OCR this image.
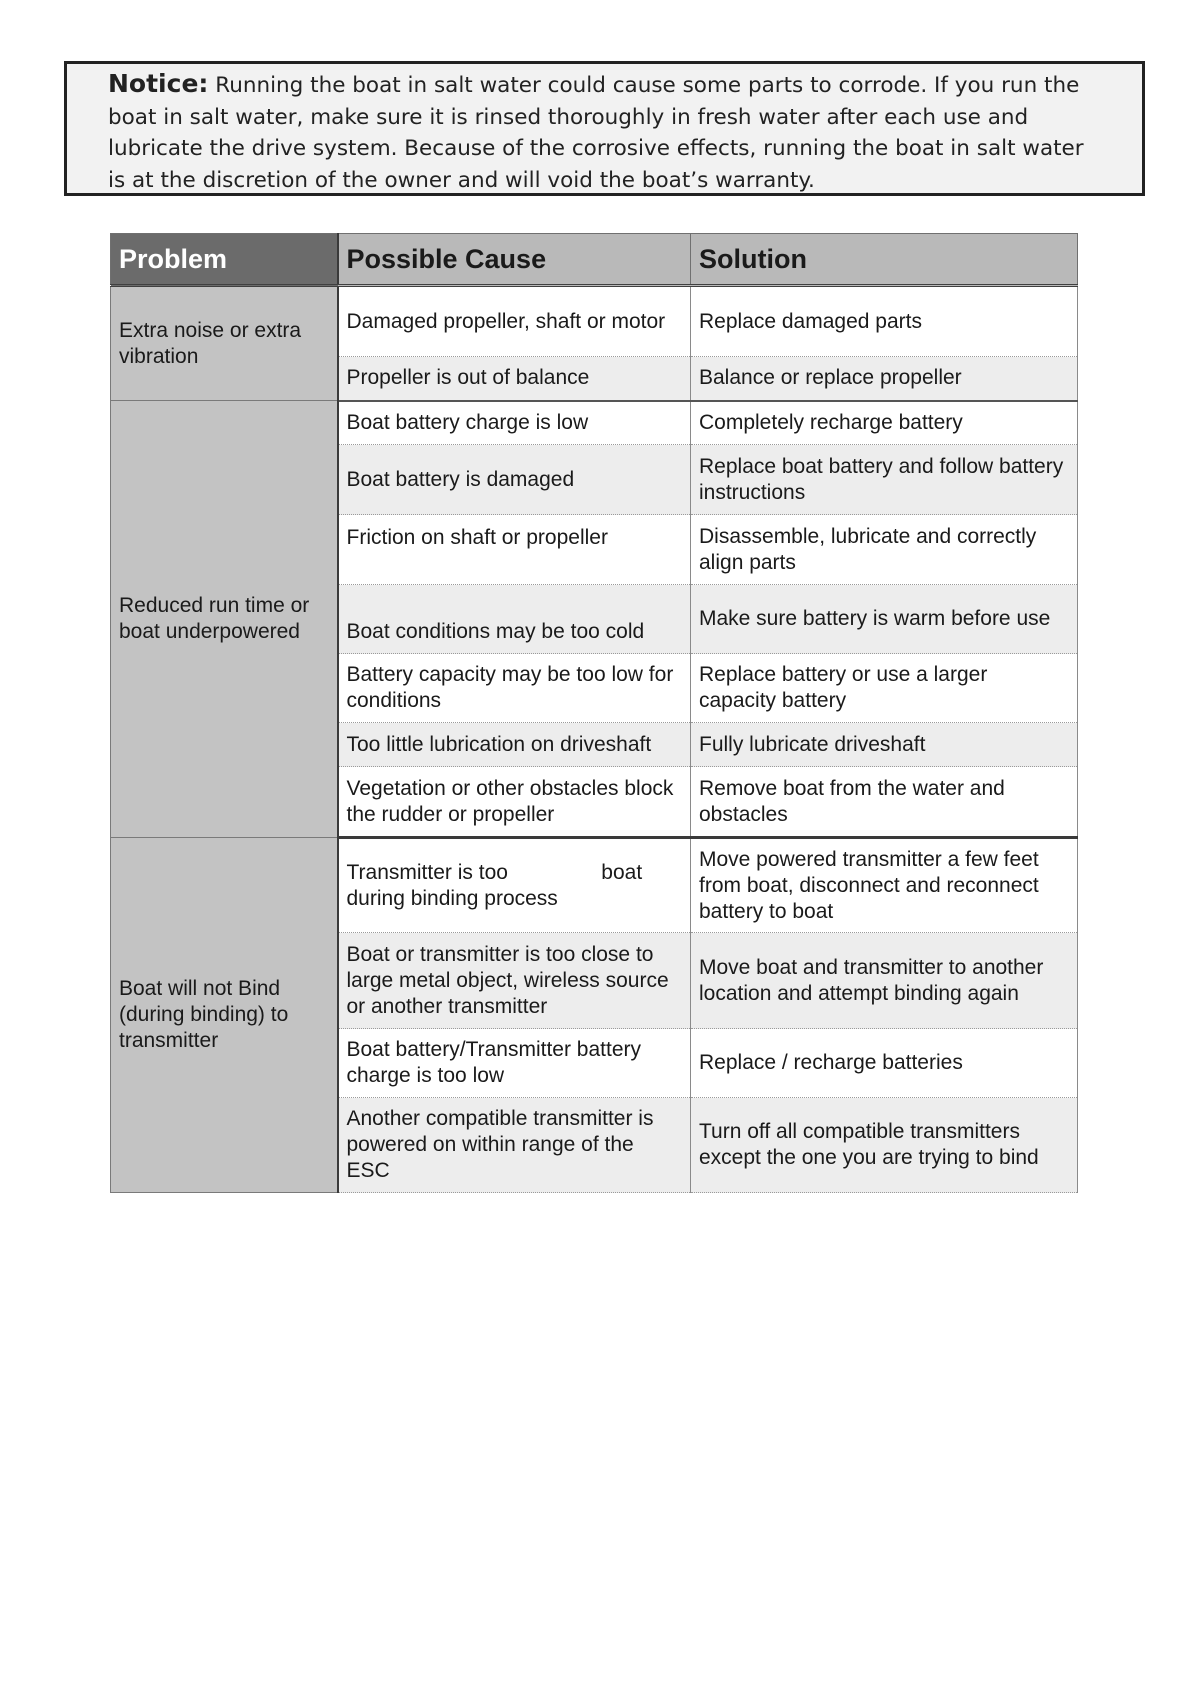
Notice: Running the boat in salt water could cause some parts to corrode. If you run the boat in salt water, make sure it is rinsed thoroughly in fresh water after each use and lubricate the drive system. Because of the corrosive effects, running the boat in salt water is at the discretion of the owner and will void the boat’s warranty.
Problem	Possible Cause	Solution
Extra noise or extra vibration	Damaged propeller, shaft or motor	Replace damaged parts
	Propeller is out of balance	Balance or replace propeller
Reduced run time or boat underpowered	Boat battery charge is low	Completely recharge battery
	Boat battery is damaged	Replace boat battery and follow battery instructions
	Friction on shaft or propeller	Disassemble, lubricate and correctly align parts
	Boat conditions may be too cold	Make sure battery is warm before use
	Battery capacity may be too low for conditions	Replace battery or use a larger capacity battery
	Too little lubrication on driveshaft	Fully lubricate driveshaft
	Vegetation or other obstacles block      the rudder or propeller	Remove boat from the water and               obstacles
Boat will not Bind (during binding) to transmitter	Transmitter is too                boat during binding process	Move powered transmitter a few feet from boat, disconnect and reconnect battery to boat
	Boat or transmitter is too close to large metal object, wireless source or another transmitter	Move boat and transmitter to another location and attempt binding again
	Boat battery/Transmitter battery charge is too low	Replace / recharge batteries
	Another compatible transmitter is powered on within range of the ESC	Turn off all compatible transmitters except the one you are trying to bind
